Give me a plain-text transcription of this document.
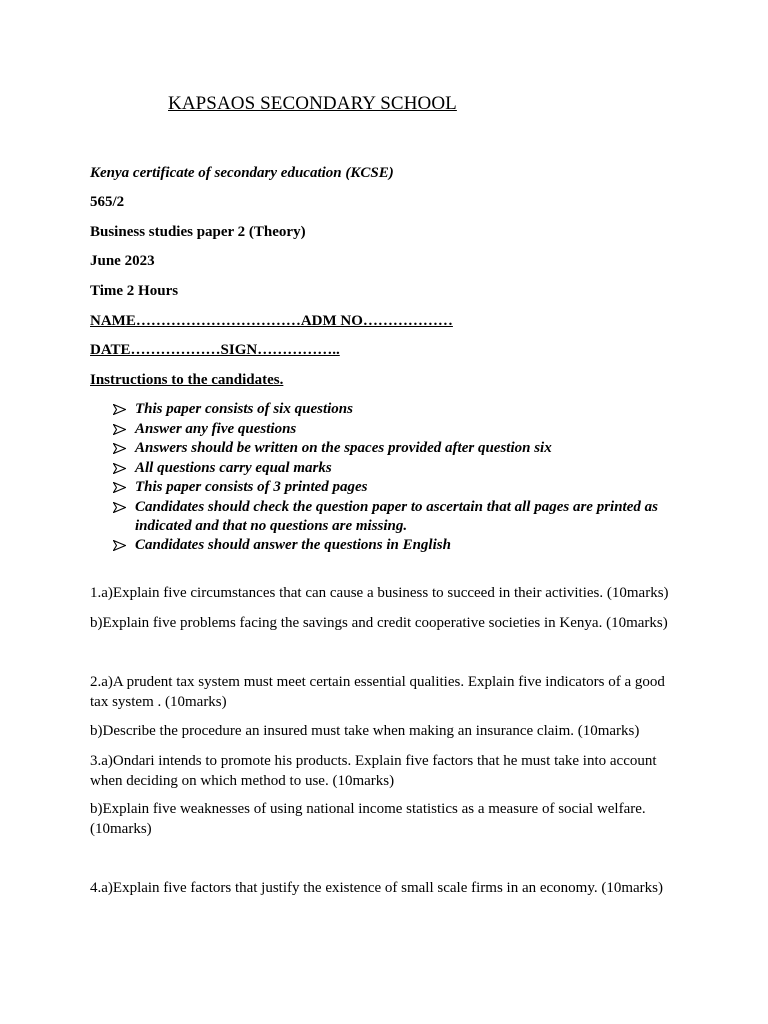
KAPSAOS SECONDARY SCHOOL

Kenya certificate of secondary education (KCSE)

565/2

Business studies paper 2 (Theory)

June 2023

Time 2 Hours

NAME……………………………ADM NO………………

DATE………………SIGN……………..

Instructions to the candidates.

This paper consists of six questions
Answer any five questions
Answers should be written on the spaces provided after question six
All questions carry equal marks
This paper consists of 3 printed pages
Candidates should check the question paper to ascertain that all pages are printed as indicated and that no questions are missing.
Candidates should answer the questions in English

1.a)Explain five circumstances that can cause a business to succeed in their activities. (10marks)

b)Explain five problems facing the savings and credit cooperative societies in Kenya. (10marks)

2.a)A prudent tax system must meet certain essential qualities. Explain five indicators of a good tax system . (10marks)

b)Describe the procedure an insured must take when making an insurance claim. (10marks)

3.a)Ondari intends to promote his products. Explain five factors that he must take into account when deciding on which method to use. (10marks)

b)Explain five weaknesses of using national income statistics as a measure of social welfare. (10marks)

4.a)Explain five factors that justify the existence of small scale firms in an economy. (10marks)
